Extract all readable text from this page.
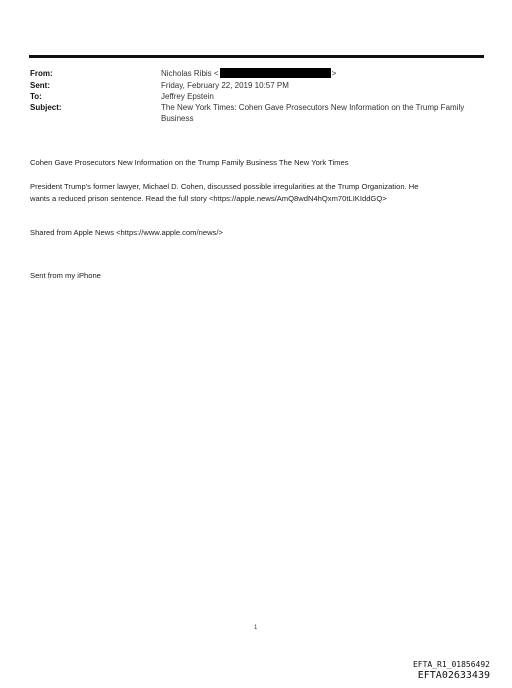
From:	Nicholas Ribis <	>
Sent:	Friday, February 22, 2019 10:57 PM
To:	Jeffrey Epstein
Subject:	The New York Times: Cohen Gave Prosecutors New Information on the Trump Family
Business
Cohen Gave Prosecutors New Information on the Trump Family Business The New York Times
President Trump's former lawyer, Michael D. Cohen, discussed possible irregularities at the Trump Organization. He
wants a reduced prison sentence. Read the full story <https://apple.news/AmQ8wdN4hQxm70tLIKIddGQ>
Shared from Apple News <https://www.apple.com/news/>
Sent from my iPhone
1
EFTA_R1_01856492
EFTA02633439
